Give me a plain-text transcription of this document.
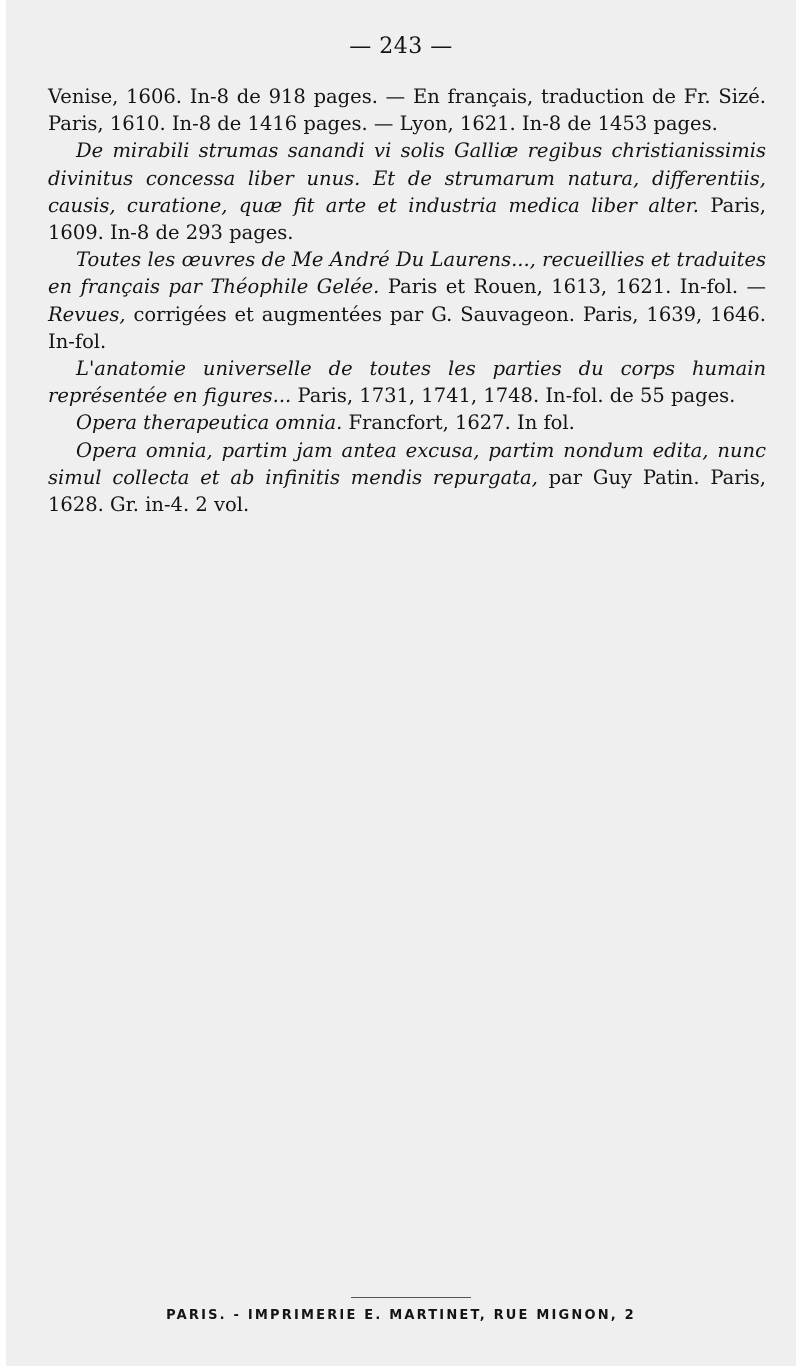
— 243 —

Venise, 1606. In-8 de 918 pages. — En français, traduction de Fr. Sizé. Paris, 1610. In-8 de 1416 pages. — Lyon, 1621. In-8 de 1453 pages.

De mirabili strumas sanandi vi solis Galliæ regibus christianissimis divinitus concessa liber unus. Et de strumarum natura, differentiis, causis, curatione, quæ fit arte et industria medica liber alter. Paris, 1609. In-8 de 293 pages.

Toutes les œuvres de Me André Du Laurens..., recueillies et traduites en français par Théophile Gelée. Paris et Rouen, 1613, 1621. In-fol. — Revues, corrigées et augmentées par G. Sauvageon. Paris, 1639, 1646. In-fol.

L'anatomie universelle de toutes les parties du corps humain représentée en figures... Paris, 1731, 1741, 1748. In-fol. de 55 pages.

Opera therapeutica omnia. Francfort, 1627. In fol.

Opera omnia, partim jam antea excusa, partim nondum edita, nunc simul collecta et ab infinitis mendis repurgata, par Guy Patin. Paris, 1628. Gr. in-4. 2 vol.

PARIS. - IMPRIMERIE E. MARTINET, RUE MIGNON, 2
